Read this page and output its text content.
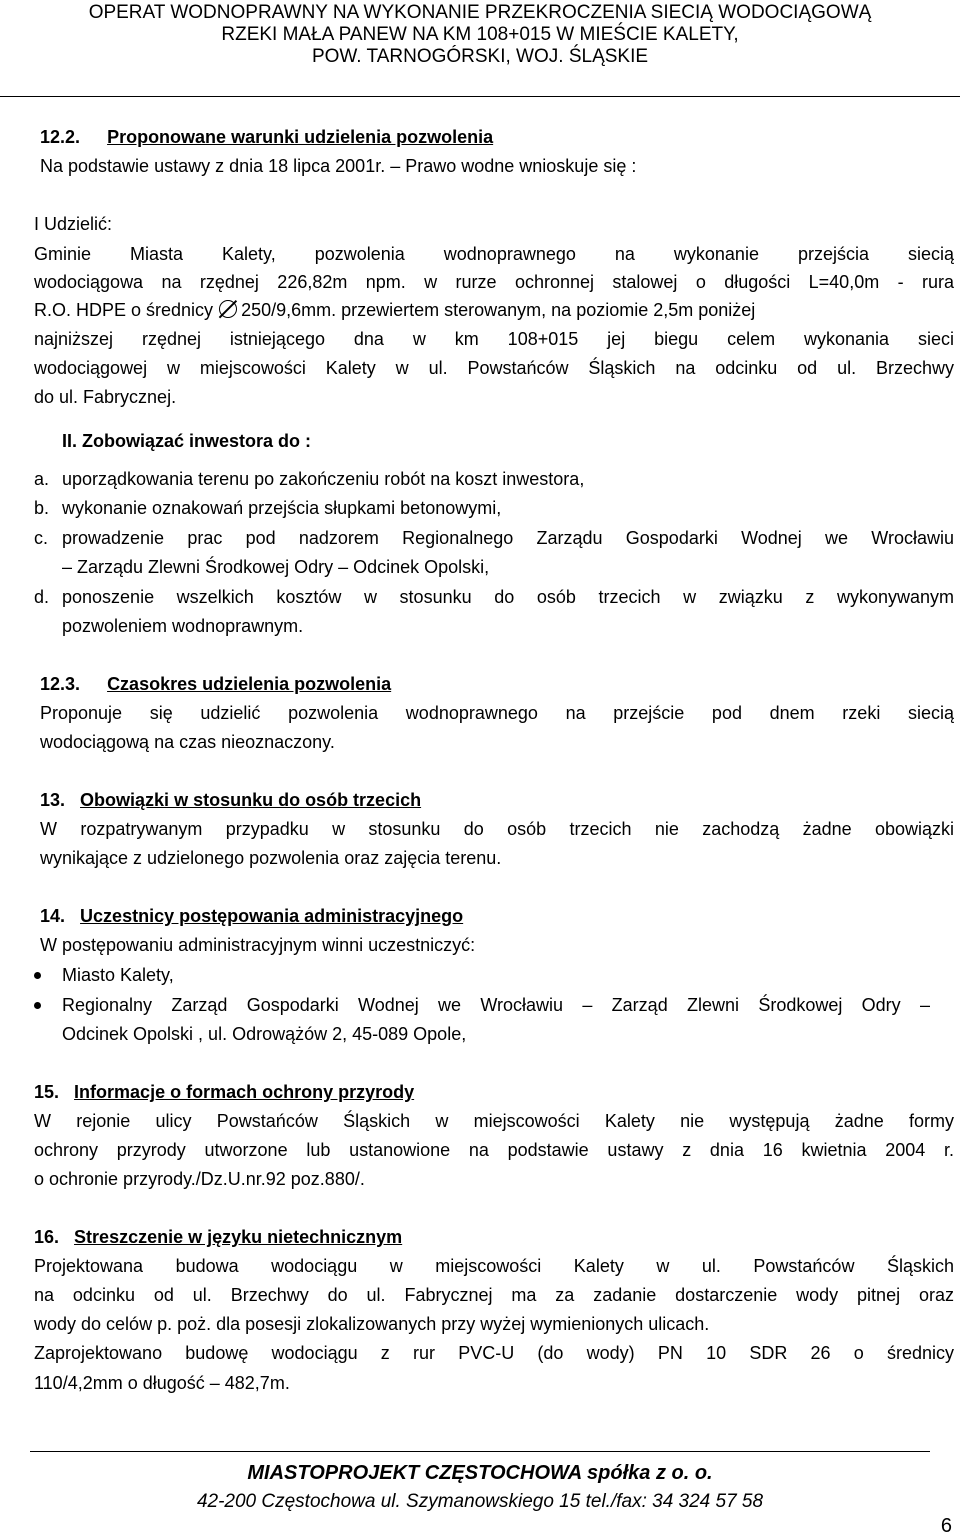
OPERAT WODNOPRAWNY NA WYKONANIE PRZEKROCZENIA SIECIĄ WODOCIĄGOWĄ
RZEKI MAŁA PANEW NA KM 108+015 W MIEŚCIE KALETY,
POW. TARNOGÓRSKI, WOJ. ŚLĄSKIE
12.2. Proponowane warunki udzielenia pozwolenia
Na podstawie ustawy z dnia 18 lipca 2001r. – Prawo wodne wnioskuje się :
I Udzielić:
Gminie Miasta Kalety, pozwolenia wodnoprawnego na wykonanie przejścia siecią
wodociągowa na rzędnej 226,82m npm. w rurze ochronnej stalowej o długości L=40,0m - rura
R.O. HDPE o średnicy 250/9,6mm. przewiertem sterowanym, na poziomie 2,5m poniżej
najniższej rzędnej istniejącego dna w km 108+015 jej biegu celem wykonania sieci
wodociągowej w miejscowości Kalety w ul. Powstańców Śląskich na odcinku od ul. Brzechwy
do ul. Fabrycznej.
II. Zobowiązać inwestora do :
a. uporządkowania terenu po zakończeniu robót na koszt inwestora,
b. wykonanie oznakowań przejścia słupkami betonowymi,
c. prowadzenie prac pod nadzorem Regionalnego Zarządu Gospodarki Wodnej we Wrocławiu
– Zarządu Zlewni Środkowej Odry – Odcinek Opolski,
d. ponoszenie wszelkich kosztów w stosunku do osób trzecich w związku z wykonywanym
pozwoleniem wodnoprawnym.
12.3. Czasokres udzielenia pozwolenia
Proponuje się udzielić pozwolenia wodnoprawnego na przejście pod dnem rzeki siecią
wodociągową na czas nieoznaczony.
13. Obowiązki w stosunku do osób trzecich
W rozpatrywanym przypadku w stosunku do osób trzecich nie zachodzą żadne obowiązki
wynikające z udzielonego pozwolenia oraz zajęcia terenu.
14. Uczestnicy postępowania administracyjnego
W postępowaniu administracyjnym winni uczestniczyć:
Miasto Kalety,
Regionalny Zarząd Gospodarki Wodnej we Wrocławiu – Zarząd Zlewni Środkowej Odry –
Odcinek Opolski , ul. Odrowążów 2, 45-089 Opole,
15. Informacje o formach ochrony przyrody
W rejonie ulicy Powstańców Śląskich w miejscowości Kalety nie występują żadne formy
ochrony przyrody utworzone lub ustanowione na podstawie ustawy z dnia 16 kwietnia 2004 r.
o ochronie przyrody./Dz.U.nr.92 poz.880/.
16. Streszczenie w języku nietechnicznym
Projektowana budowa wodociągu w miejscowości Kalety w ul. Powstańców Śląskich
na odcinku od ul. Brzechwy do ul. Fabrycznej ma za zadanie dostarczenie wody pitnej oraz
wody do celów p. poż. dla posesji zlokalizowanych przy wyżej wymienionych ulicach.
Zaprojektowano budowę wodociągu z rur PVC-U (do wody) PN 10 SDR 26 o średnicy
110/4,2mm o długość – 482,7m.
MIASTOPROJEKT CZĘSTOCHOWA spółka z o. o.
42-200 Częstochowa ul. Szymanowskiego 15 tel./fax: 34 324 57 58
6
